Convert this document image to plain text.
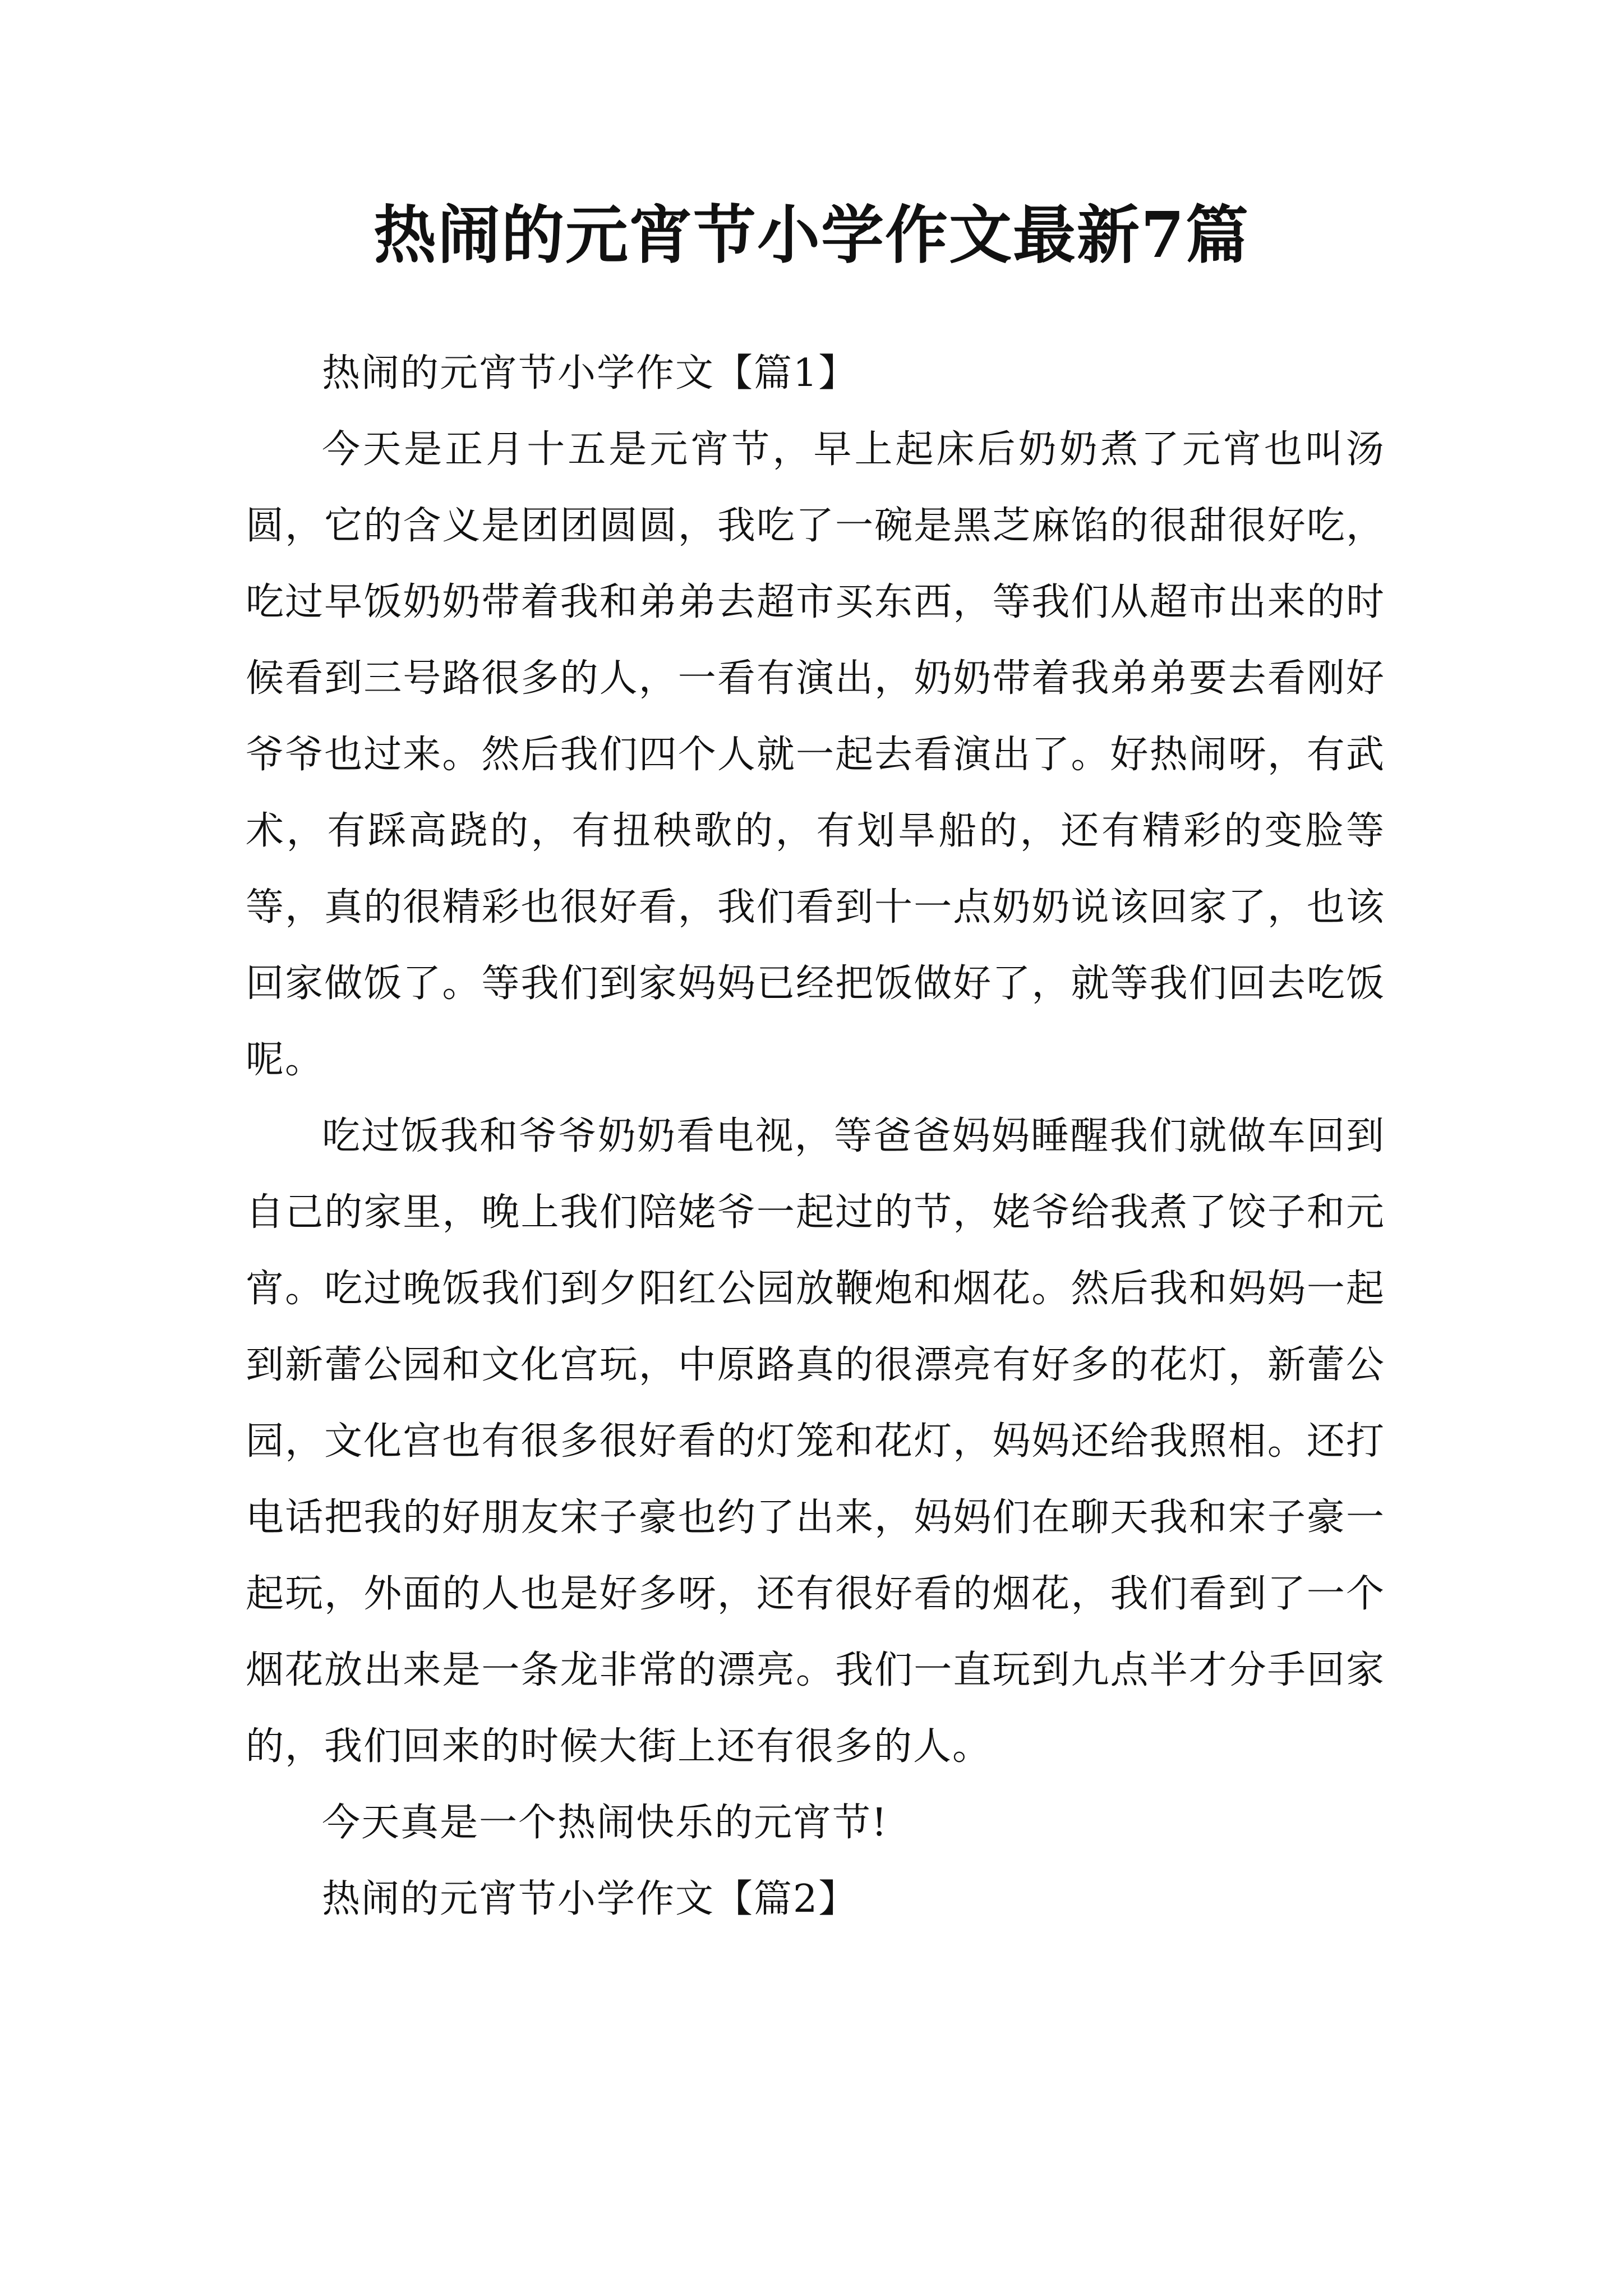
热闹的元宵节小学作文最新7篇

热闹的元宵节小学作文【篇1】

今天是正月十五是元宵节，早上起床后奶奶煮了元宵也叫汤圆，它的含义是团团圆圆，我吃了一碗是黑芝麻馅的很甜很好吃，吃过早饭奶奶带着我和弟弟去超市买东西，等我们从超市出来的时候看到三号路很多的人，一看有演出，奶奶带着我弟弟要去看刚好爷爷也过来。然后我们四个人就一起去看演出了。好热闹呀，有武术，有踩高跷的，有扭秧歌的，有划旱船的，还有精彩的变脸等等，真的很精彩也很好看，我们看到十一点奶奶说该回家了，也该回家做饭了。等我们到家妈妈已经把饭做好了，就等我们回去吃饭呢。

吃过饭我和爷爷奶奶看电视，等爸爸妈妈睡醒我们就做车回到自己的家里，晚上我们陪姥爷一起过的节，姥爷给我煮了饺子和元宵。吃过晚饭我们到夕阳红公园放鞭炮和烟花。然后我和妈妈一起到新蕾公园和文化宫玩，中原路真的很漂亮有好多的花灯，新蕾公园，文化宫也有很多很好看的灯笼和花灯，妈妈还给我照相。还打电话把我的好朋友宋子豪也约了出来，妈妈们在聊天我和宋子豪一起玩，外面的人也是好多呀，还有很好看的烟花，我们看到了一个烟花放出来是一条龙非常的漂亮。我们一直玩到九点半才分手回家的，我们回来的时候大街上还有很多的人。

今天真是一个热闹快乐的元宵节!

热闹的元宵节小学作文【篇2】
